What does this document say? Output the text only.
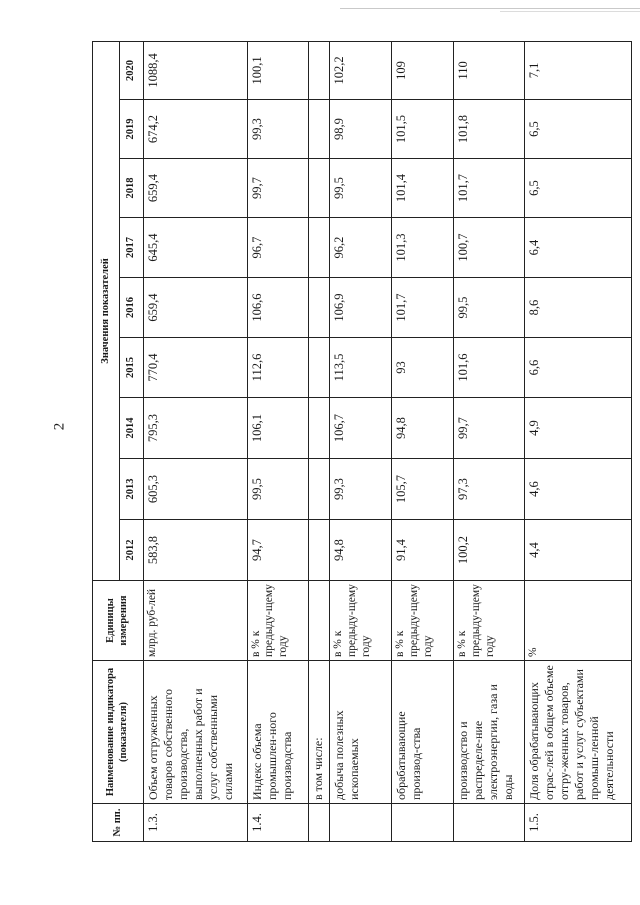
2
№ пп.	Наименование индикатора (показателя)	Единицы измерения	Значения показателей								
			2012	2013	2014	2015	2016	2017	2018	2019	2020
1.3.	Объем отгруженных товаров собственного производства, выполненных работ и услуг собственными силами	млрд. руб-лей	583,8	605,3	795,3	770,4	659,4	645,4	659,4	674,2	1088,4
1.4.	Индекс объема промышлен-ного производства	в % к предыду-щему году	94,7	99,5	106,1	112,6	106,6	96,7	99,7	99,3	100,1
	в том числе:										
	добыча полезных ископаемых	в % к предыду-щему году	94,8	99,3	106,7	113,5	106,9	96,2	99,5	98,9	102,2
	обрабатывающие производ-ства	в % к предыду-щему году	91,4	105,7	94,8	93	101,7	101,3	101,4	101,5	109
	производство и распределе-ние электроэнергии, газа и воды	в % к предыду-щему году	100,2	97,3	99,7	101,6	99,5	100,7	101,7	101,8	110
1.5.	Доля обрабатывающих отрас-лей в общем объеме отгру-женных товаров, работ и услуг субъектами промыш-ленной деятельности	%	4,4	4,6	4,9	6,6	8,6	6,4	6,5	6,5	7,1
